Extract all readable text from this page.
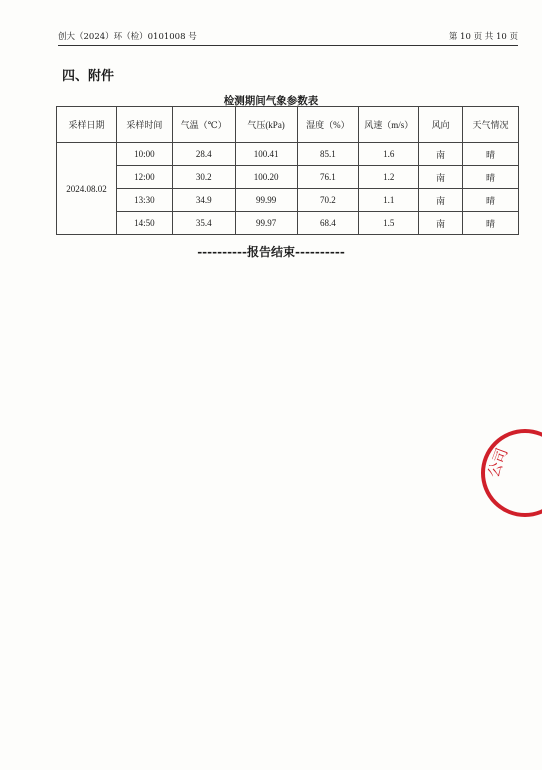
创大（2024）环（检）0101008 号	第 10 页 共 10 页
四、附件
检测期间气象参数表
采样日期	采样时间	气温（℃）	气压(kPa)	湿度（%）	风速（m/s）	风向	天气情况
2024.08.02	10:00	28.4	100.41	85.1	1.6	南	晴
	12:00	30.2	100.20	76.1	1.2	南	晴
	13:30	34.9	99.99	70.2	1.1	南	晴
	14:50	35.4	99.97	68.4	1.5	南	晴
----------报告结束----------
公司
